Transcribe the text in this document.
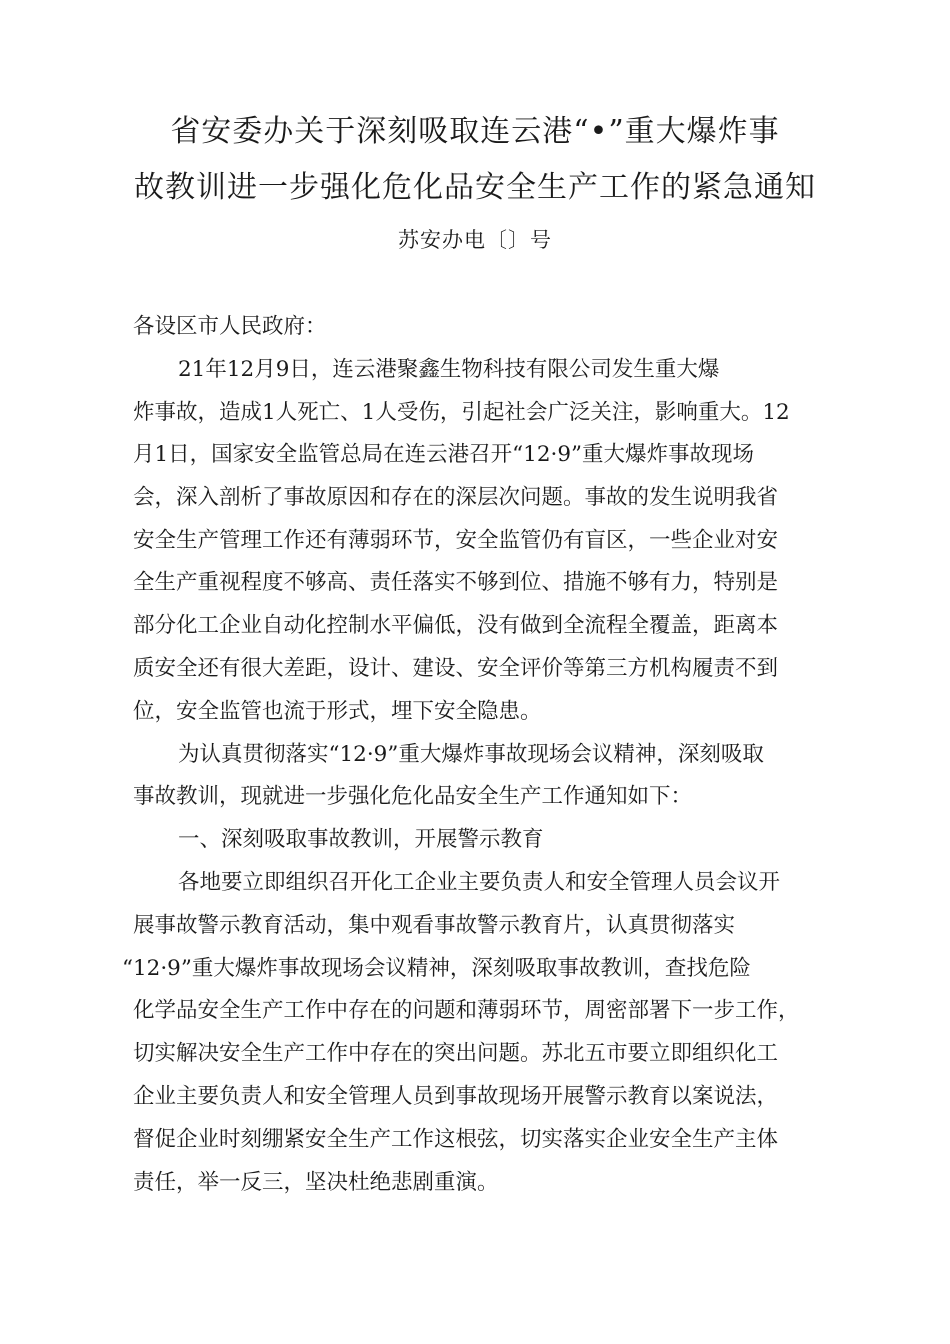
省安委办关于深刻吸取连云港“•”重大爆炸事
故教训进一步强化危化品安全生产工作的紧急通知
苏安办电〔〕号
各设区市人民政府：
21年12月9日，连云港聚鑫生物科技有限公司发生重大爆
炸事故，造成1人死亡、1人受伤，引起社会广泛关注，影响重大。12
月1日，国家安全监管总局在连云港召开“12·9”重大爆炸事故现场
会，深入剖析了事故原因和存在的深层次问题。事故的发生说明我省
安全生产管理工作还有薄弱环节，安全监管仍有盲区，一些企业对安
全生产重视程度不够高、责任落实不够到位、措施不够有力，特别是
部分化工企业自动化控制水平偏低，没有做到全流程全覆盖，距离本
质安全还有很大差距，设计、建设、安全评价等第三方机构履责不到
位，安全监管也流于形式，埋下安全隐患。
为认真贯彻落实“12·9”重大爆炸事故现场会议精神，深刻吸取
事故教训，现就进一步强化危化品安全生产工作通知如下：
一、深刻吸取事故教训，开展警示教育
各地要立即组织召开化工企业主要负责人和安全管理人员会议开
展事故警示教育活动，集中观看事故警示教育片，认真贯彻落实
“12·9”重大爆炸事故现场会议精神，深刻吸取事故教训，查找危险
化学品安全生产工作中存在的问题和薄弱环节，周密部署下一步工作，
切实解决安全生产工作中存在的突出问题。苏北五市要立即组织化工
企业主要负责人和安全管理人员到事故现场开展警示教育以案说法，
督促企业时刻绷紧安全生产工作这根弦，切实落实企业安全生产主体
责任，举一反三，坚决杜绝悲剧重演。
